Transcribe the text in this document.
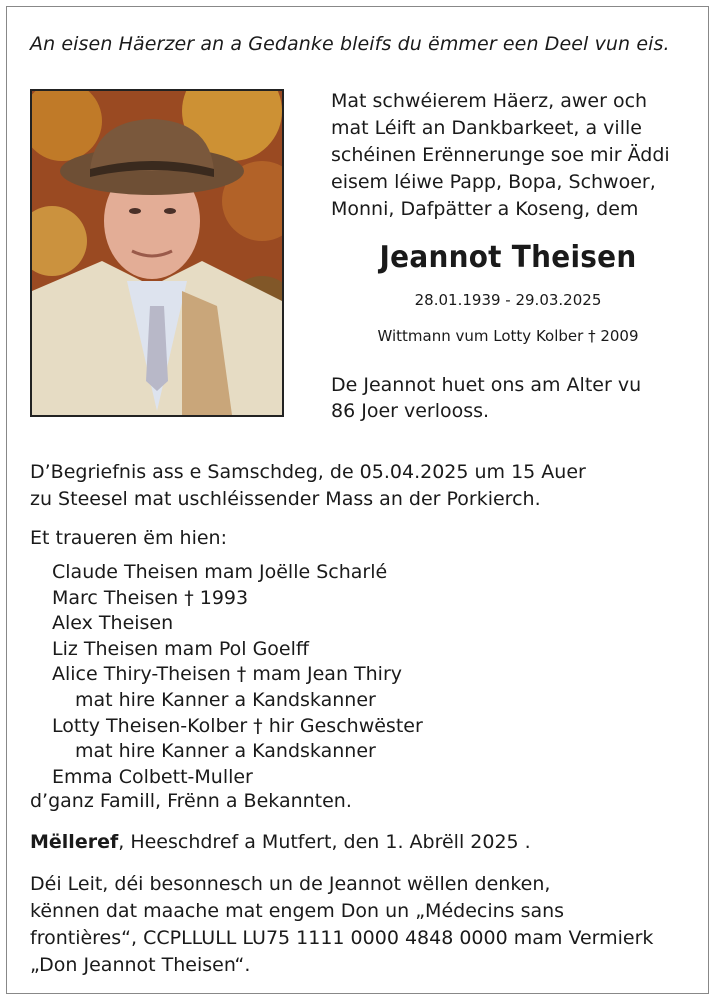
An eisen Häerzer an a Gedanke bleifs du ëmmer een Deel vun eis.
Mat schwéierem Häerz, awer och
mat Léift an Dankbarkeet, a ville
schéinen Erënnerunge soe mir Äddi
eisem léiwe Papp, Bopa, Schwoer,
Monni, Dafpätter a Koseng, dem
Jeannot Theisen
28.01.1939 - 29.03.2025
Wittmann vum Lotty Kolber † 2009
De Jeannot huet ons am Alter vu
86 Joer verlooss.
D’Begriefnis ass e Samschdeg, de 05.04.2025 um 15 Auer
zu Steesel mat uschléissender Mass an der Porkierch.
Et traueren ëm hien:
Claude Theisen mam Joëlle Scharlé
Marc Theisen † 1993
Alex Theisen
Liz Theisen mam Pol Goelff
Alice Thiry-Theisen † mam Jean Thiry
mat hire Kanner a Kandskanner
Lotty Theisen-Kolber † hir Geschwëster
mat hire Kanner a Kandskanner
Emma Colbett-Muller
d’ganz Famill, Frënn a Bekannten.
Mëlleref, Heeschdref a Mutfert, den 1. Abrëll 2025 .
Déi Leit, déi besonnesch un de Jeannot wëllen denken,
kënnen dat maache mat engem Don un „Médecins sans
frontières“, CCPLLULL LU75 1111 0000 4848 0000 mam Vermierk
„Don Jeannot Theisen“.
